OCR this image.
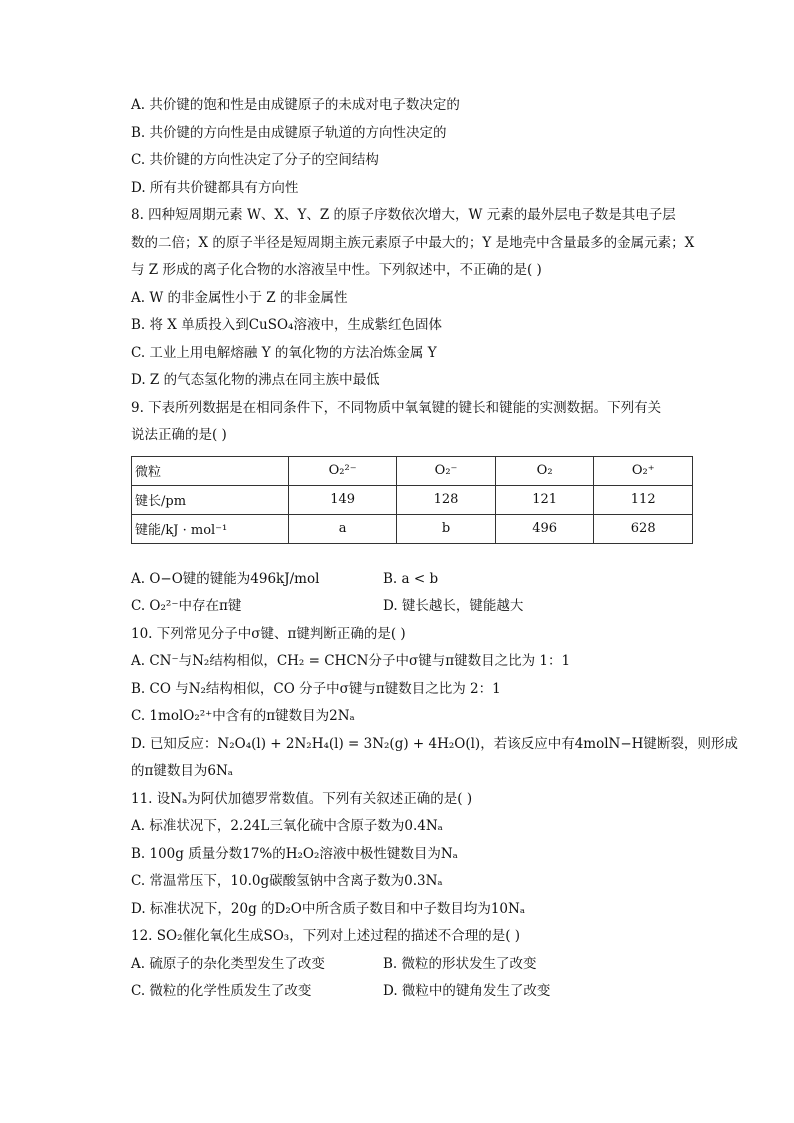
A. 共价键的饱和性是由成键原子的未成对电子数决定的
B. 共价键的方向性是由成键原子轨道的方向性决定的
C. 共价键的方向性决定了分子的空间结构
D. 所有共价键都具有方向性
8. 四种短周期元素 W、X、Y、Z 的原子序数依次增大，W 元素的最外层电子数是其电子层
数的二倍；X 的原子半径是短周期主族元素原子中最大的；Y 是地壳中含量最多的金属元素；X
与 Z 形成的离子化合物的水溶液呈中性。下列叙述中，不正确的是( )
A. W 的非金属性小于 Z 的非金属性
B. 将 X 单质投入到CuSO₄溶液中，生成紫红色固体
C. 工业上用电解熔融 Y 的氧化物的方法冶炼金属 Y
D. Z 的气态氢化物的沸点在同主族中最低
9. 下表所列数据是在相同条件下，不同物质中氧氧键的键长和键能的实测数据。下列有关
说法正确的是( )
微粒	O₂²⁻	O₂⁻	O₂	O₂⁺
键长/pm	149	128	121	112
键能/kJ · mol⁻¹	a	b	496	628
A. O−O键的键能为496kJ/mol	B. a < b
C. O₂²⁻中存在π键	D. 键长越长，键能越大
10. 下列常见分子中σ键、π键判断正确的是( )
A. CN⁻与N₂结构相似，CH₂ = CHCN分子中σ键与π键数目之比为 1：1
B. CO 与N₂结构相似，CO 分子中σ键与π键数目之比为 2：1
C. 1molO₂²⁺中含有的π键数目为2Nₐ
D. 已知反应：N₂O₄(l) + 2N₂H₄(l) = 3N₂(g) + 4H₂O(l)，若该反应中有4molN−H键断裂，则形成
的π键数目为6Nₐ
11. 设Nₐ为阿伏加德罗常数值。下列有关叙述正确的是( )
A. 标准状况下，2.24L三氧化硫中含原子数为0.4Nₐ
B. 100g 质量分数17%的H₂O₂溶液中极性键数目为Nₐ
C. 常温常压下，10.0g碳酸氢钠中含离子数为0.3Nₐ
D. 标准状况下，20g 的D₂O中所含质子数目和中子数目均为10Nₐ
12. SO₂催化氧化生成SO₃，下列对上述过程的描述不合理的是( )
A. 硫原子的杂化类型发生了改变	B. 微粒的形状发生了改变
C. 微粒的化学性质发生了改变	D. 微粒中的键角发生了改变
